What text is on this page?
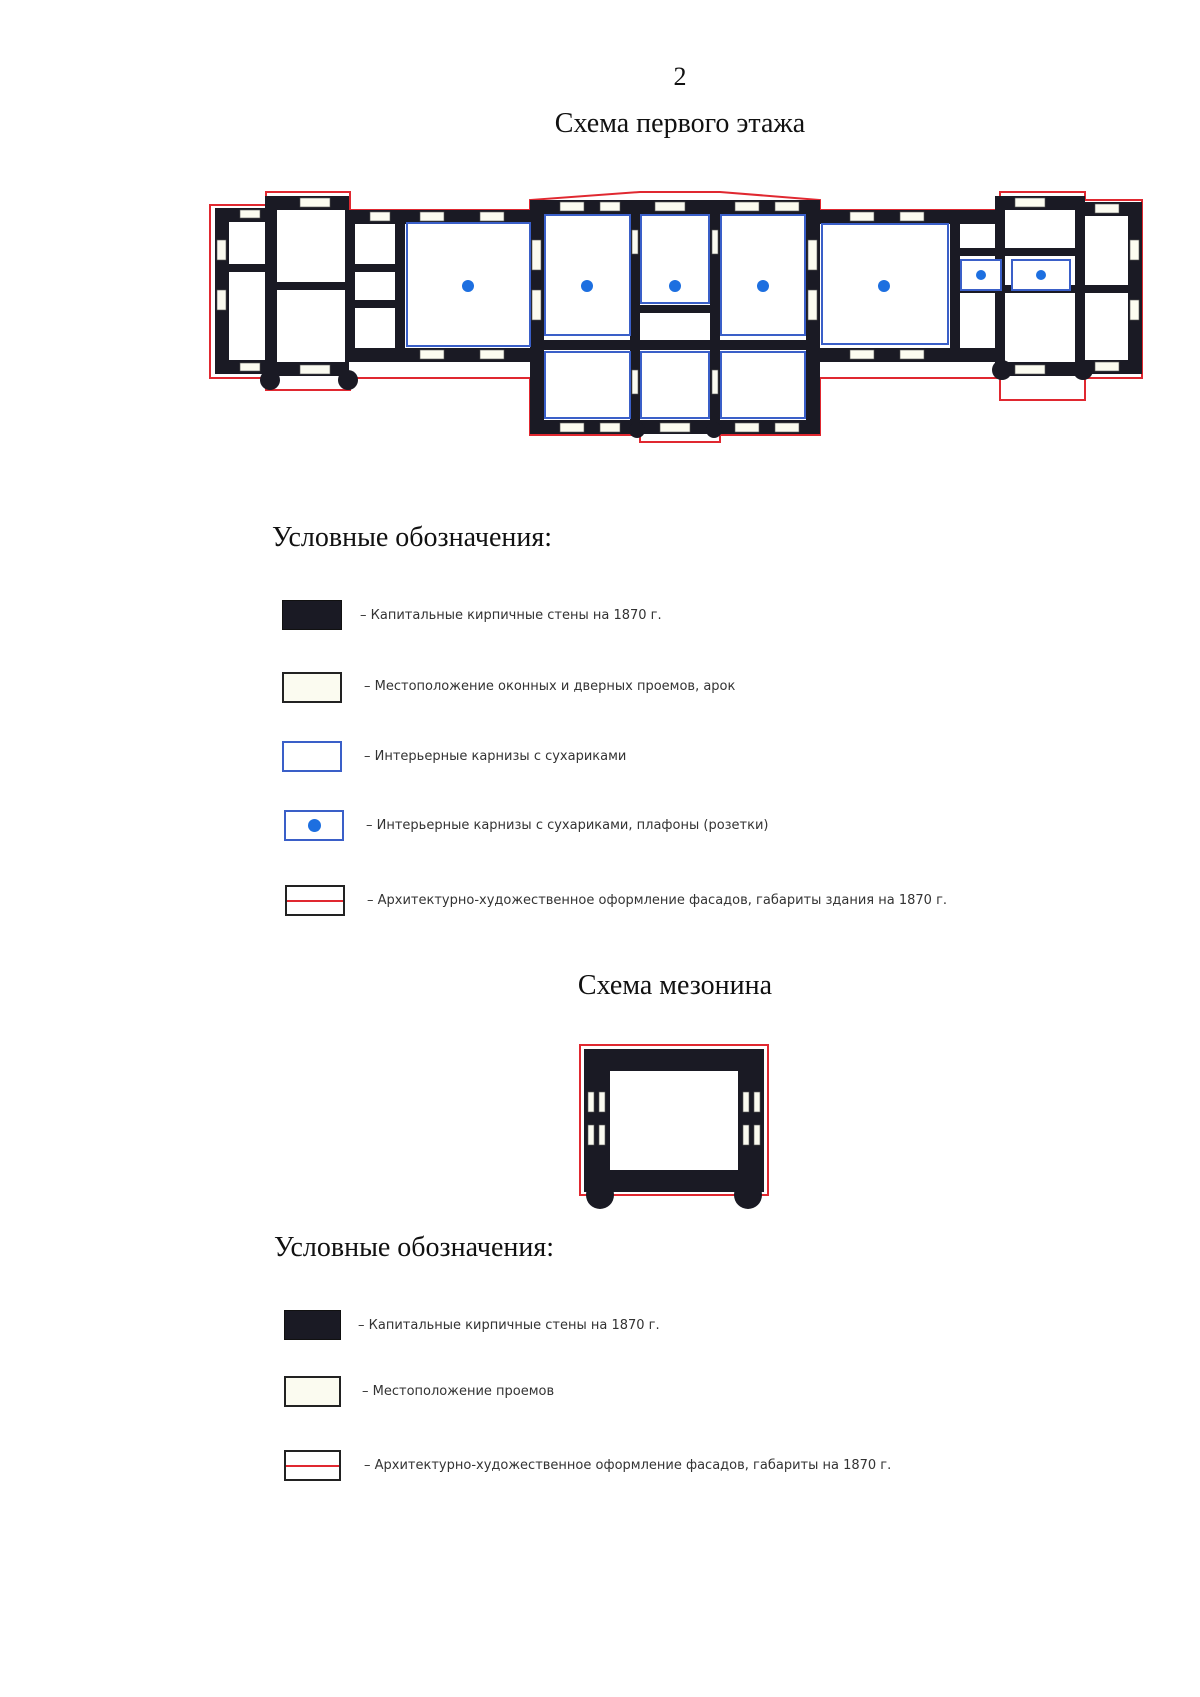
2
Схема первого этажа
Условные обозначения:
– Капитальные кирпичные стены на 1870 г.
– Местоположение оконных и дверных проемов, арок
– Интерьерные карнизы с сухариками
– Интерьерные карнизы с сухариками, плафоны (розетки)
– Архитектурно-художественное оформление фасадов, габариты здания на 1870 г.
Схема мезонина
Условные обозначения:
– Капитальные кирпичные стены на 1870 г.
– Местоположение проемов
– Архитектурно-художественное оформление фасадов, габариты на 1870 г.
